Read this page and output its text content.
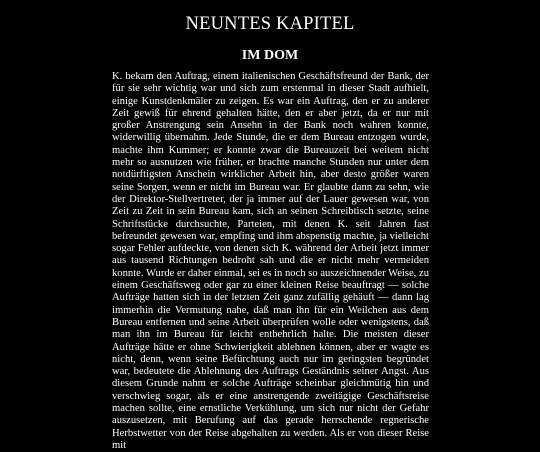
NEUNTES KAPITEL
IM DOM

K. bekam den Auftrag, einem italienischen Geschäftsfreund der Bank, der für sie sehr wichtig war und sich zum erstenmal in dieser Stadt aufhielt, einige Kunstdenkmäler zu zeigen. Es war ein Auftrag, den er zu anderer Zeit gewiß für ehrend gehalten hätte, den er aber jetzt, da er nur mit großer Anstrengung sein Ansehn in der Bank noch wahren konnte, widerwillig übernahm. Jede Stunde, die er dem Bureau entzogen wurde, machte ihm Kummer; er konnte zwar die Bureauzeit bei weitem nicht mehr so ausnutzen wie früher, er brachte manche Stunden nur unter dem notdürftigsten Anschein wirklicher Arbeit hin, aber desto größer waren seine Sorgen, wenn er nicht im Bureau war. Er glaubte dann zu sehn, wie der Direktor-Stellvertreter, der ja immer auf der Lauer gewesen war, von Zeit zu Zeit in sein Bureau kam, sich an seinen Schreibtisch setzte, seine Schriftstücke durchsuchte, Parteien, mit denen K. seit Jahren fast befreundet gewesen war, empfing und ihm abspenstig machte, ja vielleicht sogar Fehler aufdeckte, von denen sich K. während der Arbeit jetzt immer aus tausend Richtungen bedroht sah und die er nicht mehr vermeiden konnte. Wurde er daher einmal, sei es in noch so auszeichnender Weise, zu einem Geschäftsweg oder gar zu einer kleinen Reise beauftragt — solche Aufträge hatten sich in der letzten Zeit ganz zufällig gehäuft — dann lag immerhin die Vermutung nahe, daß man ihn für ein Weilchen aus dem Bureau entfernen und seine Arbeit überprüfen wolle oder wenigstens, daß man ihn im Bureau für leicht entbehrlich halte. Die meisten dieser Aufträge hätte er ohne Schwierigkeit ablehnen können, aber er wagte es nicht, denn, wenn seine Befürchtung auch nur im geringsten begründet war, bedeutete die Ablehnung des Auftrags Geständnis seiner Angst. Aus diesem Grunde nahm er solche Aufträge scheinbar gleichmütig hin und verschwieg sogar, als er eine anstrengende zweitägige Geschäftsreise machen sollte, eine ernstliche Verkühlung, um sich nur nicht der Gefahr auszusetzen, mit Berufung auf das gerade herrschende regnerische Herbstwetter von der Reise abgehalten zu werden. Als er von dieser Reise mit
